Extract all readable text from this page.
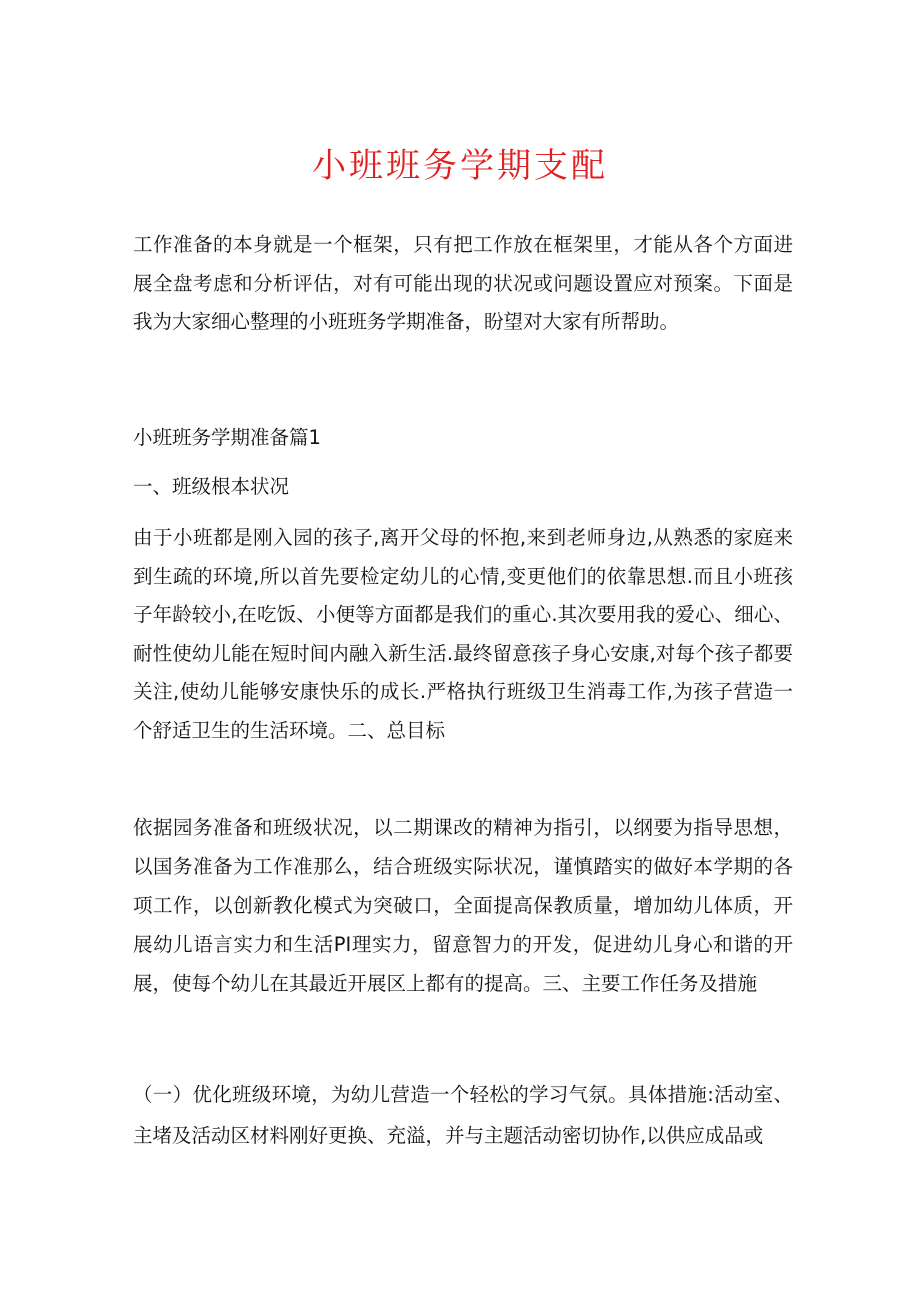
小班班务学期支配
工作准备的本身就是一个框架，只有把工作放在框架里，才能从各个方面进展全盘考虑和分析评估，对有可能出现的状况或问题设置应对预案。下面是我为大家细心整理的小班班务学期准备，盼望对大家有所帮助。
小班班务学期准备篇1
一、班级根本状况
由于小班都是刚入园的孩子,离开父母的怀抱,来到老师身边,从熟悉的家庭来到生疏的环境,所以首先要检定幼儿的心情,变更他们的依靠思想.而且小班孩子年龄较小,在吃饭、小便等方面都是我们的重心.其次要用我的爱心、细心、耐性使幼儿能在短时间内融入新生活.最终留意孩子身心安康,对每个孩子都要关注,使幼儿能够安康快乐的成长.严格执行班级卫生消毒工作,为孩子营造一个舒适卫生的生活环境。二、总目标
依据园务准备和班级状况，以二期课改的精神为指引，以纲要为指导思想，以国务准备为工作准那么，结合班级实际状况，谨慎踏实的做好本学期的各项工作，以创新教化模式为突破口，全面提高保教质量，增加幼儿体质，开展幼儿语言实力和生活PI理实力，留意智力的开发，促进幼儿身心和谐的开展，使每个幼儿在其最近开展区上都有的提高。三、主要工作任务及措施
（一）优化班级环境，为幼儿营造一个轻松的学习气氛。具体措施:活动室、主堵及活动区材料刚好更换、充溢，并与主题活动密切协作,以供应成品或
